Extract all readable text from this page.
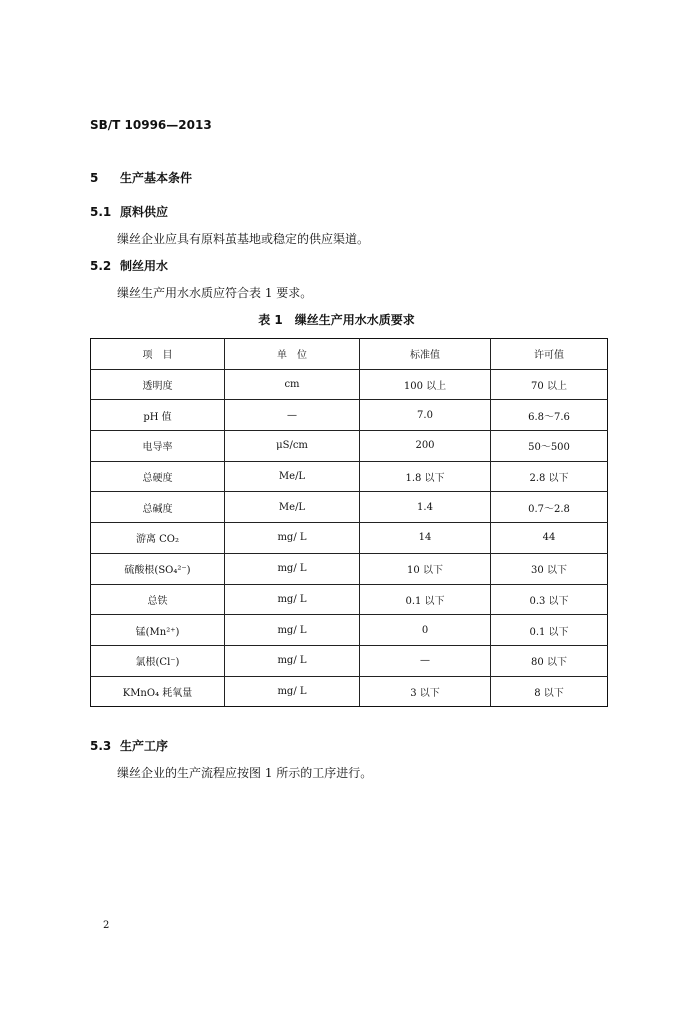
SB/T 10996—2013
5 生产基本条件
5.1 原料供应
缫丝企业应具有原料茧基地或稳定的供应渠道。
5.2 制丝用水
缫丝生产用水水质应符合表 1 要求。
表 1　缫丝生产用水水质要求
项　目	单　位	标准值	许可值
透明度	cm	100 以上	70 以上
pH 值	—	7.0	6.8～7.6
电导率	μS/cm	200	50～500
总硬度	Me/L	1.8 以下	2.8 以下
总碱度	Me/L	1.4	0.7～2.8
游离 CO₂	mg/ L	14	44
硫酸根(SO₄²⁻)	mg/ L	10 以下	30 以下
总铁	mg/ L	0.1 以下	0.3 以下
锰(Mn²⁺)	mg/ L	0	0.1 以下
氯根(Cl⁻)	mg/ L	—	80 以下
KMnO₄ 耗氧量	mg/ L	3 以下	8 以下
5.3 生产工序
缫丝企业的生产流程应按图 1 所示的工序进行。
2
